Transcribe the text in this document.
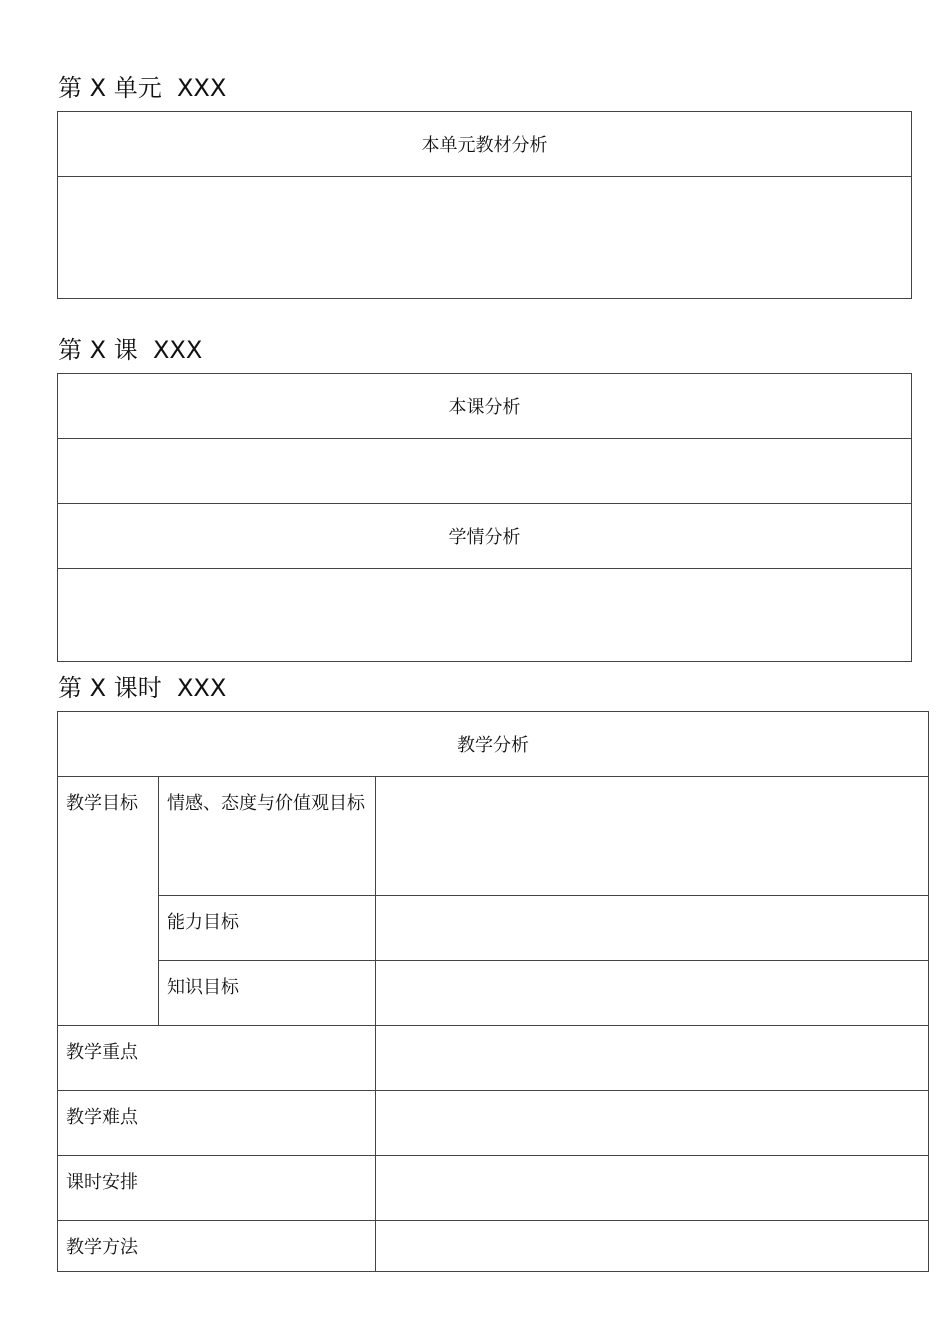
第 X 单元  XXX
本单元教材分析

第 X 课  XXX
本课分析

学情分析

第 X 课时  XXX
教学分析		
教学目标	情感、态度与价值观目标	
	能力目标	
	知识目标	
教学重点		
教学难点		
课时安排		
教学方法		
